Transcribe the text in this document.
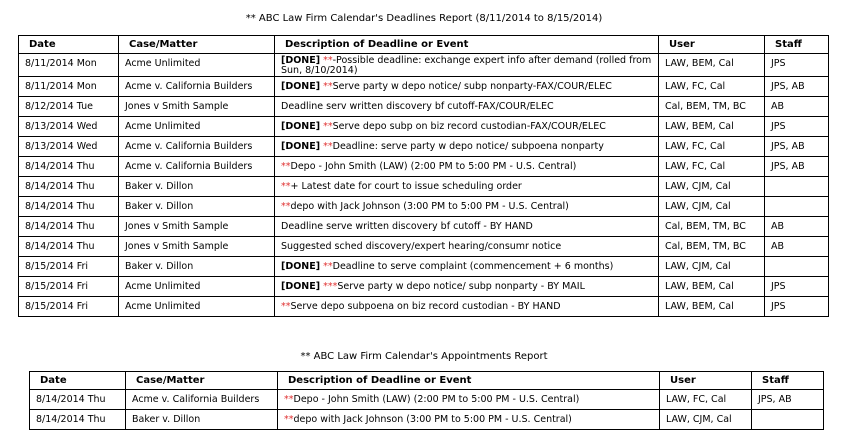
** ABC Law Firm Calendar's Deadlines Report (8/11/2014 to 8/15/2014)
Date	Case/Matter	Description of Deadline or Event	User	Staff
8/11/2014 Mon	Acme Unlimited	[DONE] **-Possible deadline: exchange expert info after demand (rolled from Sun, 8/10/2014)	LAW, BEM, Cal	JPS
8/11/2014 Mon	Acme v. California Builders	[DONE] **Serve party w depo notice/ subp nonparty-FAX/COUR/ELEC	LAW, FC, Cal	JPS, AB
8/12/2014 Tue	Jones v Smith Sample	Deadline serv written discovery bf cutoff-FAX/COUR/ELEC	Cal, BEM, TM, BC	AB
8/13/2014 Wed	Acme Unlimited	[DONE] **Serve depo subp on biz record custodian-FAX/COUR/ELEC	LAW, BEM, Cal	JPS
8/13/2014 Wed	Acme v. California Builders	[DONE] **Deadline: serve party w depo notice/ subpoena nonparty	LAW, FC, Cal	JPS, AB
8/14/2014 Thu	Acme v. California Builders	**Depo - John Smith (LAW) (2:00 PM to 5:00 PM - U.S. Central)	LAW, FC, Cal	JPS, AB
8/14/2014 Thu	Baker v. Dillon	**+ Latest date for court to issue scheduling order	LAW, CJM, Cal	
8/14/2014 Thu	Baker v. Dillon	**depo with Jack Johnson (3:00 PM to 5:00 PM - U.S. Central)	LAW, CJM, Cal	
8/14/2014 Thu	Jones v Smith Sample	Deadline serve written discovery bf cutoff - BY HAND	Cal, BEM, TM, BC	AB
8/14/2014 Thu	Jones v Smith Sample	Suggested sched discovery/expert hearing/consumr notice	Cal, BEM, TM, BC	AB
8/15/2014 Fri	Baker v. Dillon	[DONE] **Deadline to serve complaint (commencement + 6 months)	LAW, CJM, Cal	
8/15/2014 Fri	Acme Unlimited	[DONE] ***Serve party w depo notice/ subp nonparty - BY MAIL	LAW, BEM, Cal	JPS
8/15/2014 Fri	Acme Unlimited	**Serve depo subpoena on biz record custodian - BY HAND	LAW, BEM, Cal	JPS
** ABC Law Firm Calendar's Appointments Report
Date	Case/Matter	Description of Deadline or Event	User	Staff
8/14/2014 Thu	Acme v. California Builders	**Depo - John Smith (LAW) (2:00 PM to 5:00 PM - U.S. Central)	LAW, FC, Cal	JPS, AB
8/14/2014 Thu	Baker v. Dillon	**depo with Jack Johnson (3:00 PM to 5:00 PM - U.S. Central)	LAW, CJM, Cal	
